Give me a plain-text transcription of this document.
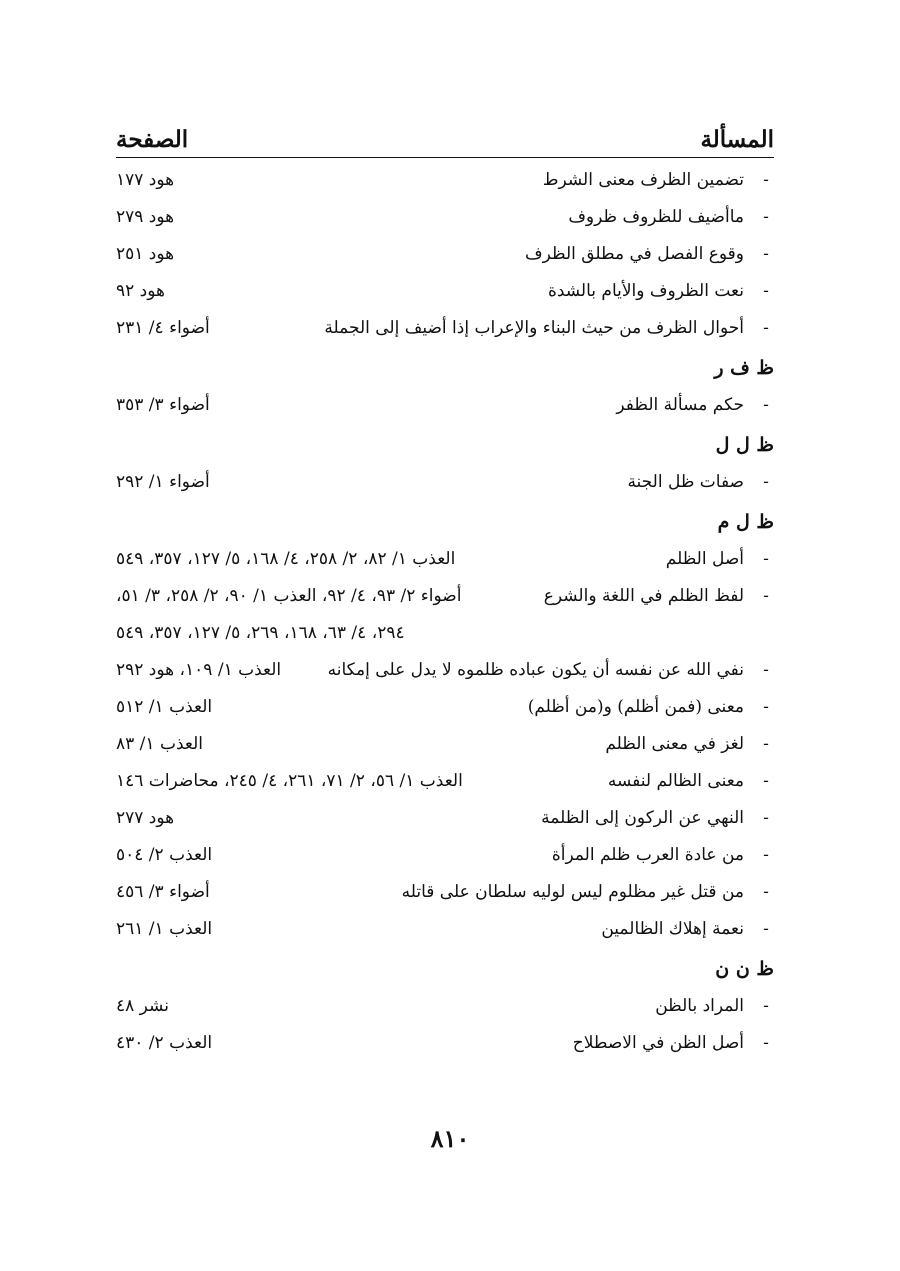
المسألة
الصفحة
-
تضمين الظرف معنى الشرط
هود ١٧٧
-
ماأضيف للظروف ظروف
هود ٢٧٩
-
وقوع الفصل في مطلق الظرف
هود ٢٥١
-
نعت الظروف والأيام بالشدة
هود ٩٢
-
أحوال الظرف من حيث البناء والإعراب إذا أضيف إلى الجملة
أضواء ٤/ ٢٣١
ظ ف ر
-
حكم مسألة الظفر
أضواء ٣/ ٣٥٣
ظ ل ل
-
صفات ظل الجنة
أضواء ١/ ٢٩٢
ظ ل م
-
أصل الظلم
العذب ١/ ٨٢، ٢/ ٢٥٨، ٤/ ١٦٨، ٥/ ١٢٧، ٣٥٧، ٥٤٩
-
لفظ الظلم في اللغة والشرع
أضواء ٢/ ٩٣، ٤/ ٩٢، العذب ١/ ٩٠، ٢/ ٢٥٨، ٣/ ٥١،
٢٩٤، ٤/ ٦٣، ١٦٨، ٢٦٩، ٥/ ١٢٧، ٣٥٧، ٥٤٩
-
نفي الله عن نفسه أن يكون عباده ظلموه لا يدل على إمكانه
العذب ١/ ١٠٩، هود ٢٩٢
-
معنى (فمن أظلم) و(من أظلم)
العذب ١/ ٥١٢
-
لغز في معنى الظلم
العذب ١/ ٨٣
-
معنى الظالم لنفسه
العذب ١/ ٥٦، ٢/ ٧١، ٢٦١، ٤/ ٢٤٥، محاضرات ١٤٦
-
النهي عن الركون إلى الظلمة
هود ٢٧٧
-
من عادة العرب ظلم المرأة
العذب ٢/ ٥٠٤
-
من قتل غير مظلوم ليس لوليه سلطان على قاتله
أضواء ٣/ ٤٥٦
-
نعمة إهلاك الظالمين
العذب ١/ ٢٦١
ظ ن ن
-
المراد بالظن
نشر ٤٨
-
أصل الظن في الاصطلاح
العذب ٢/ ٤٣٠
٨١٠
